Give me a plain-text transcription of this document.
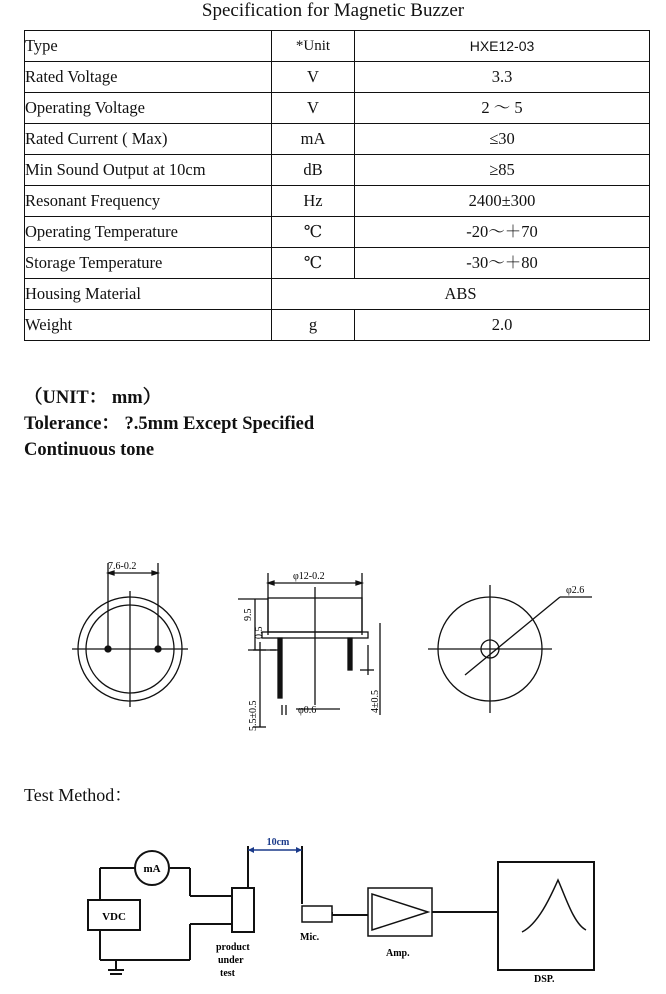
Specification for Magnetic Buzzer
Type	*Unit	HXE12-03
Rated Voltage	V	3.3
Operating Voltage	V	2 ～ 5
Rated Current ( Max)	mA	≤30
Min Sound Output at 10cm	dB	≥85
Resonant Frequency	Hz	2400±300
Operating Temperature	℃	-20～＋70
Storage Temperature	℃	-30～＋80
Housing Material	ABS	
Weight	g	2.0
（UNIT： mm）
Tolerance： ?.5mm Except Specified
Continuous tone
7.6-0.2
φ12-0.2
9.5
0.5
5.5±0.5	φ0.6	4±0.5
φ2.6
Test Method：
mA
VDC
10cm
Mic.
Amp.
DSP.
product under test
